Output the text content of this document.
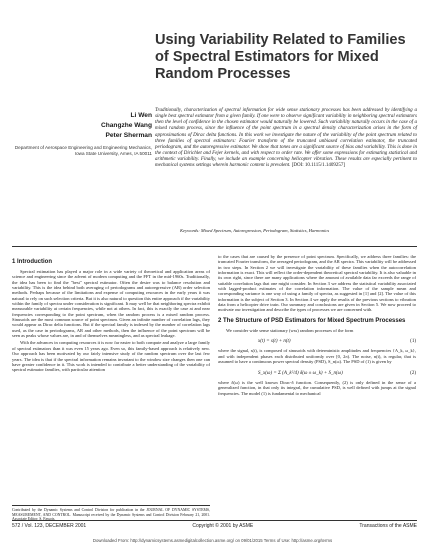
Using Variability Related to Families of Spectral Estimators for Mixed Random Processes
Li Wen
Changzhe Wang
Peter Sherman
Department of Aerospace Engineering and Engineering Mechanics, Iowa State University, Ames, IA 50011
Traditionally, characterization of spectral information for wide sense stationary processes has been addressed by identifying a single best spectral estimator from a given family. If one were to observe significant variability in neighboring spectral estimators then the level of confidence in the chosen estimator would naturally be lowered. Such variability naturally occurs in the case of a mixed random process, since the influence of the point spectrum in a spectral density characterization arises in the form of approximations of Dirac delta functions. In this work we investigate the nature of the variability of the point spectrum related to three families of spectral estimators: Fourier transform of the truncated unbiased correlation estimator, the truncated periodogram, and the autoregressive estimator. We show that tones are a significant source of bias and variability. This is done in the context of Dirichlet and Fejer kernels, and with respect to order rate. We offer some expressions for estimating statistical and arithmetic variability. Finally, we include an example concerning helicopter vibration. These results are especially pertinent to mechanical systems settings wherein harmonic content is prevalent. [DOI: 10.1115/1.1409257]
Keywords: Mixed Spectrum, Autoregression, Periodogram, Statistics, Harmonics
1 Introduction

Spectral estimation has played a major role in a wide variety of theoretical and application areas of science and engineering since the advent of modern computing and the FFT in the mid-1960s. Traditionally, the idea has been to find the "best" spectral estimator. Often the desire was to balance resolution and variability. This is the idea behind both averaging of periodograms and autoregressive (AR) order selection methods. Perhaps because of the limitations and expense of computing resources in the early years it was natural to rely on such selection criteria. But it is also natural to question this entire approach if the variability within the family of spectra under consideration is significant. It may well be that neighboring spectra exhibit measurable variability at certain frequencies, while not at others. In fact, this is exactly the case at and near frequencies corresponding to the point spectrum, when the random process is a mixed random process. Sinusoids are the most common source of point spectrum. Given an infinite number of correlation lags, they would appear as Dirac delta functions. But if the spectral family is indexed by the number of correlation lags used, as the case in periodograms, AR and other methods, then the influence of the point spectrum will be seen as peaks whose values are, in and of themselves meaningless, and as spectral leakage.

With the advances in computing resources it is now far easier to both compute and analyze a large family of spectral estimators than it was even 15 years ago. Even so, this family-based approach is relatively new. Our approach has been motivated by our fairly intensive study of the random spectrum over the last few years. The idea is that if the spectral information remains invariant to the window size changes then one can have greater confidence in it. This work is intended to contribute a better understanding of the variability of spectral estimator families, with particular attention

to the cases that are caused by the presence of point spectrum. Specifically, we address three families: the truncated Fourier transform, the averaged periodogram, and the AR spectra. This variability will be addressed in two steps. In Section 2 we will investigate the variability of these families when the autocorrelation information is exact. This will reflect the order-dependent theoretical spectral variability. It is also valuable in its own right, since there are many applications where the amount of available data far exceeds the range of suitable correlation lags that one might consider. In Section 3 we address the statistical variability associated with lagged-product estimates of the correlation information. The value of the sample mean and corresponding variance is one way of using a family of spectra, as suggested in [1] and [2]. The value of this information is the subject of Section 3. In Section 4 we apply the results of the previous sections to vibration data from a helicopter drive train. Our summary and conclusions are given in Section 5. We now proceed to motivate our investigation and describe the types of processes we are concerned with.

2 The Structure of PSD Estimators for Mixed Spectrum Processes

We consider wide sense stationary (wss) random processes of the form

x(t) = s(t) + n(t)	(1)

where the signal, s(t), is composed of sinusoids with deterministic amplitudes and frequencies {A_k, ω_k}, and with independent phases each distributed uniformly over [0, 2π). The noise, n(t), is regular, that is assumed to have a continuous power spectral density (PSD), S_n(ω). The PSD of (1) is given by

S_x(ω) = Σ (A_k²/4) δ(ω ± ω_k) + S_n(ω)	(2)

where δ(ω) is the well known Dirac-δ function. Consequently, (2) is only defined in the sense of a generalized function, in that only its integral, the cumulative PSD, is well defined with jumps at the signal frequencies. The model (1) is fundamental to mechanical

Contributed by the Dynamic Systems and Control Division for publication in the JOURNAL OF DYNAMIC SYSTEMS, MEASUREMENT, AND CONTROL. Manuscript received by the Dynamic Systems and Control Division February 21, 2001. Associate Editor: S. Fassois.
572 / Vol. 123, DECEMBER 2001	Copyright © 2001 by ASME	Transactions of the ASME
Downloaded From: http://dynamicsystems.asmedigitalcollection.asme.org/ on 09/01/2015 Terms of Use: http://asme.org/terms
